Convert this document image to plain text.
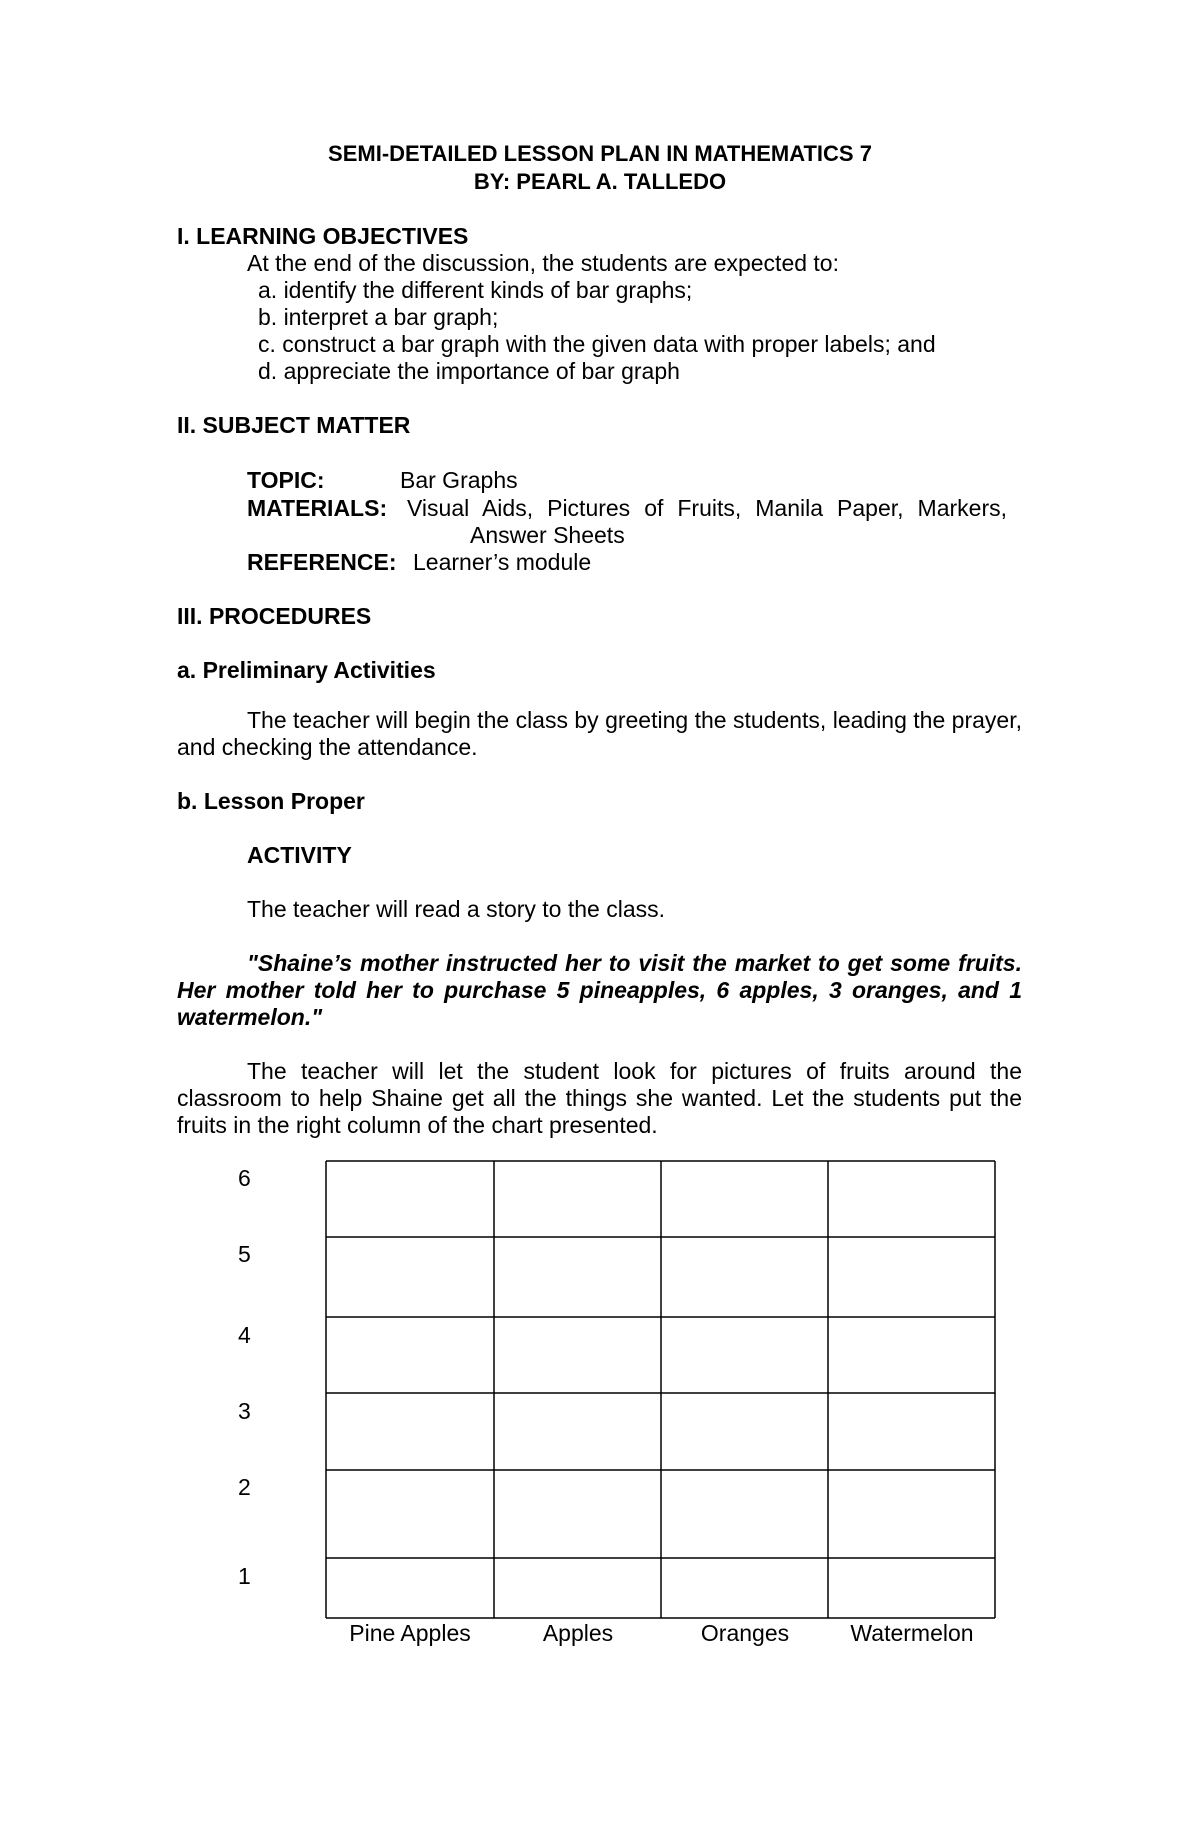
SEMI-DETAILED LESSON PLAN IN MATHEMATICS 7
BY: PEARL A. TALLEDO
I. LEARNING OBJECTIVES
At the end of the discussion, the students are expected to:
a. identify the different kinds of bar graphs;
b. interpret a bar graph;
c. construct a bar graph with the given data with proper labels; and
d. appreciate the importance of bar graph
II. SUBJECT MATTER
TOPIC:	Bar Graphs
MATERIALS: Visual Aids, Pictures of Fruits, Manila Paper, Markers,
Answer Sheets
REFERENCE: Learner’s module
III. PROCEDURES
a. Preliminary Activities
The teacher will begin the class by greeting the students, leading the prayer, and checking the attendance.
b. Lesson Proper
ACTIVITY
The teacher will read a story to the class.
"Shaine’s mother instructed her to visit the market to get some fruits. Her mother told her to purchase 5 pineapples, 6 apples, 3 oranges, and 1 watermelon."
The teacher will let the student look for pictures of fruits around the classroom to help Shaine get all the things she wanted. Let the students put the fruits in the right column of the chart presented.
6
5
4
3
2
1
Pine Apples	Apples	Oranges	Watermelon
